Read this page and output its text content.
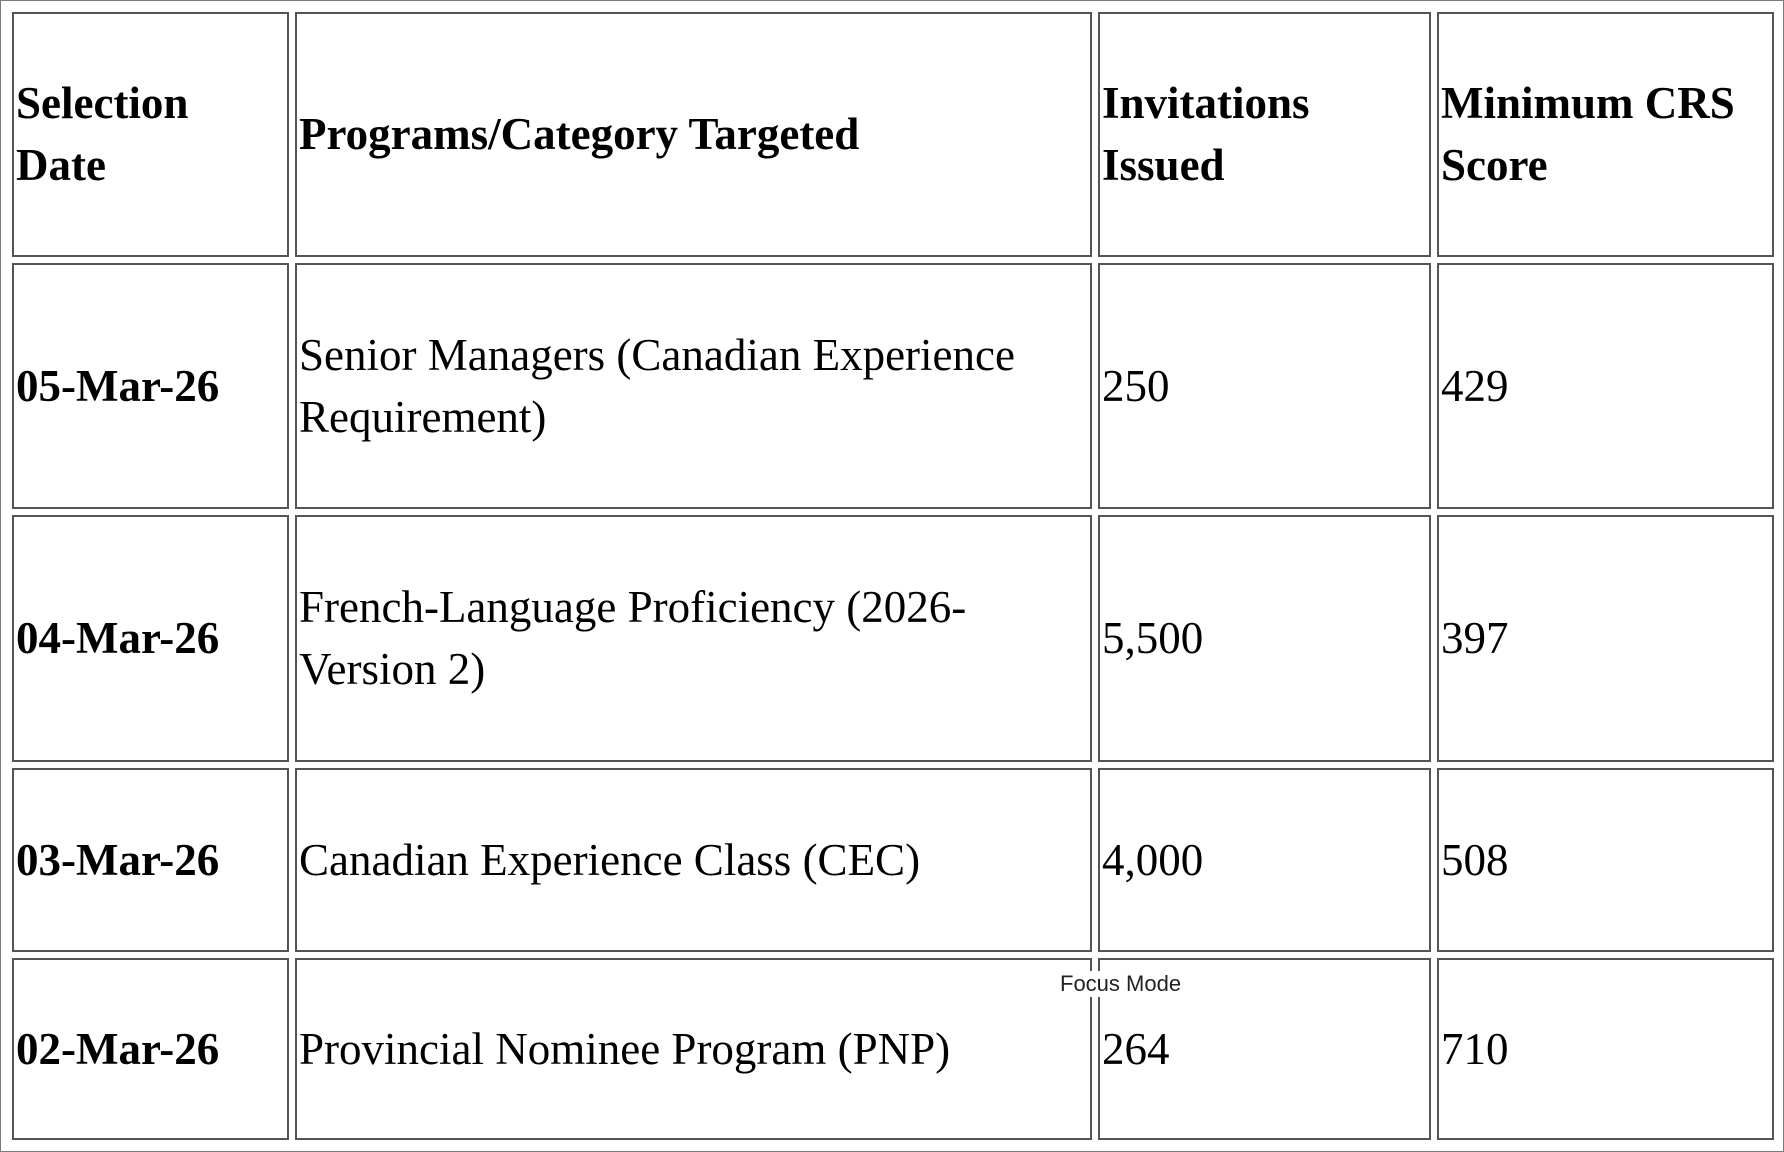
Selection Date	Programs/Category Targeted	Invitations Issued	Minimum CRS Score
05-Mar-26	Senior Managers (Canadian Experience Requirement)	250	429
04-Mar-26	French-Language Proficiency (2026-Version 2)	5,500	397
03-Mar-26	Canadian Experience Class (CEC)	4,000	508
02-Mar-26	Provincial Nominee Program (PNP)	264	710
Focus Mode
